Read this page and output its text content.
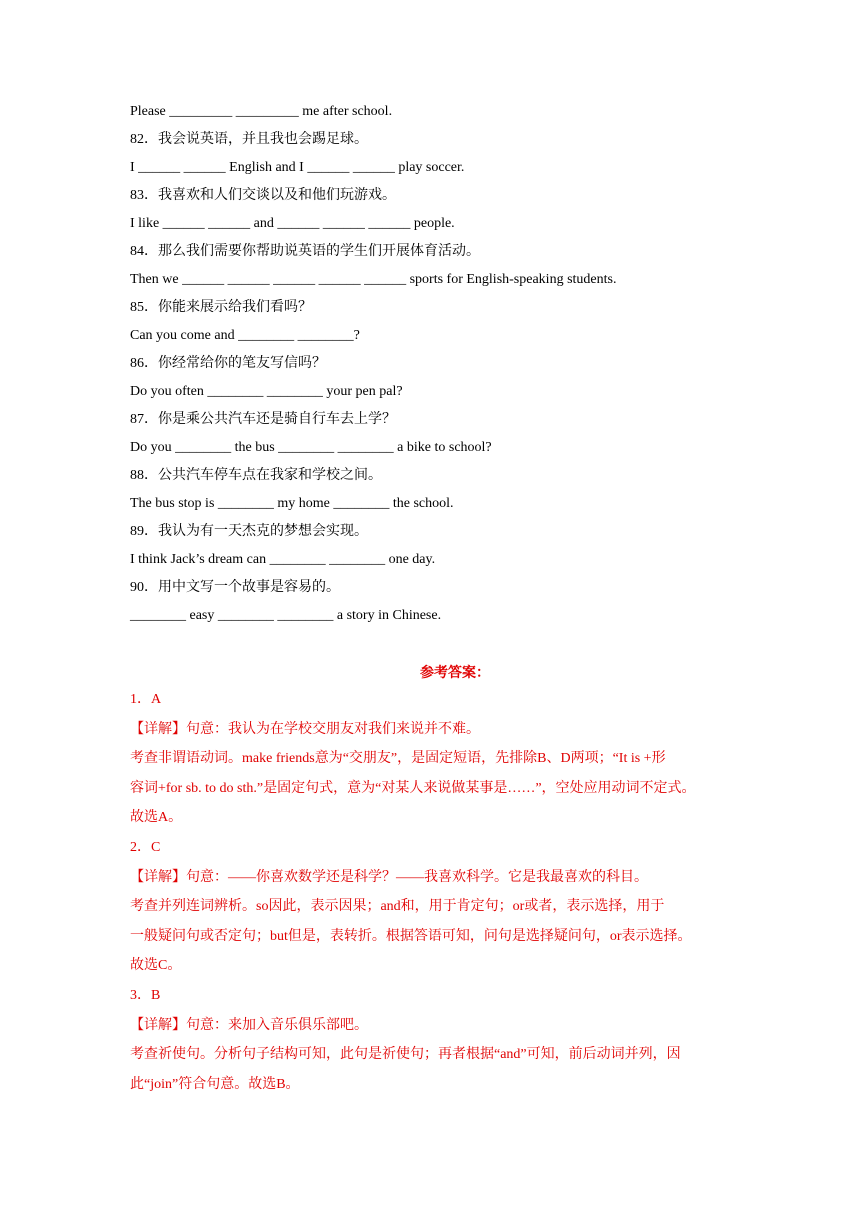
Please _________ _________ me after school.
82．我会说英语，并且我也会踢足球。
I ______ ______ English and I ______ ______ play soccer.
83．我喜欢和人们交谈以及和他们玩游戏。
I like ______ ______ and ______ ______ ______ people.
84．那么我们需要你帮助说英语的学生们开展体育活动。
Then we ______ ______ ______ ______ ______ sports for English-speaking students.
85．你能来展示给我们看吗？
Can you come and ________ ________?
86．你经常给你的笔友写信吗？
Do you often ________ ________ your pen pal?
87．你是乘公共汽车还是骑自行车去上学？
Do you ________ the bus ________ ________ a bike to school?
88．公共汽车停车点在我家和学校之间。
The bus stop is ________ my home ________ the school.
89．我认为有一天杰克的梦想会实现。
I think Jack’s dream can ________ ________ one day.
90．用中文写一个故事是容易的。
________ easy ________ ________ a story in Chinese.
参考答案：
1．A
【详解】句意：我认为在学校交朋友对我们来说并不难。
考查非谓语动词。make friends意为“交朋友”，是固定短语，先排除B、D两项；“It is +形
容词+for sb. to do sth.”是固定句式，意为“对某人来说做某事是……”，空处应用动词不定式。
故选A。
2．C
【详解】句意：——你喜欢数学还是科学？——我喜欢科学。它是我最喜欢的科目。
考查并列连词辨析。so因此，表示因果；and和，用于肯定句；or或者，表示选择，用于
一般疑问句或否定句；but但是，表转折。根据答语可知，问句是选择疑问句，or表示选择。
故选C。
3．B
【详解】句意：来加入音乐俱乐部吧。
考查祈使句。分析句子结构可知，此句是祈使句；再者根据“and”可知，前后动词并列，因
此“join”符合句意。故选B。
